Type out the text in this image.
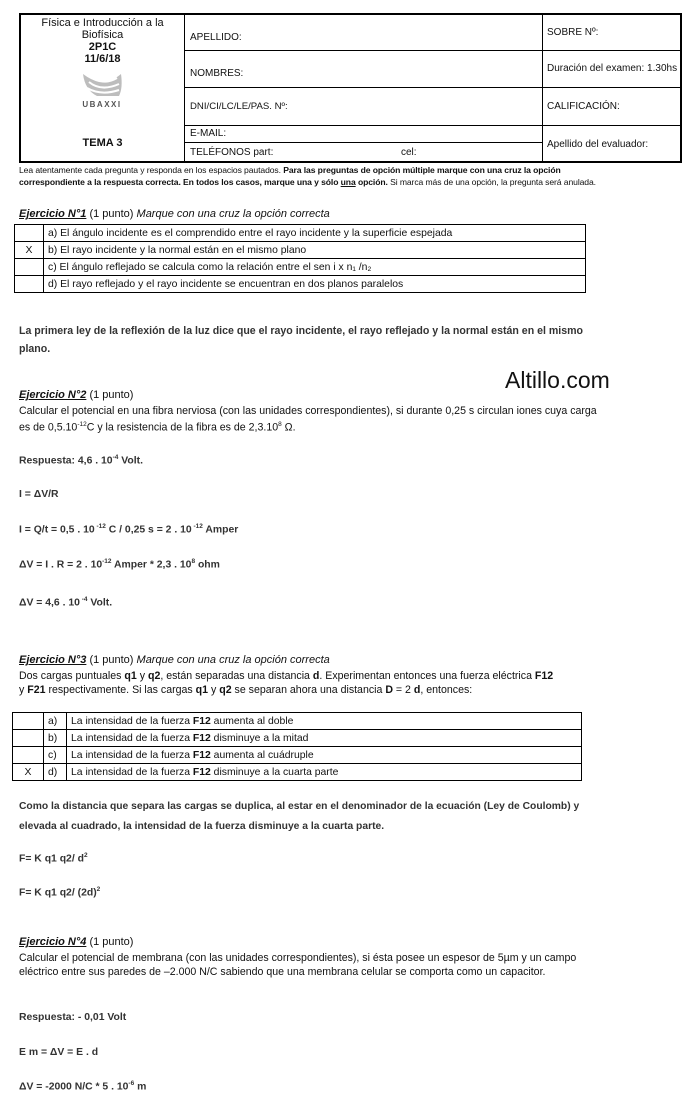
Física e Introducción a la
Biofísica
2P1C
11/6/18
UBAXXI
TEMA 3
APELLIDO:
NOMBRES:
DNI/CI/LC/LE/PAS. Nº:
E-MAIL:
TELÉFONOS part:	cel:
SOBRE Nº:
Duración del examen: 1.30hs
CALIFICACIÓN:
Apellido del evaluador:
Lea atentamente cada pregunta y responda en los espacios pautados. Para las preguntas de opción múltiple marque con una cruz la opción
correspondiente a la respuesta correcta. En todos los casos, marque una y sólo una opción. Si marca más de una opción, la pregunta será anulada.
Altillo.com
Ejercicio N°1 (1 punto) Marque con una cruz la opción correcta
	a) El ángulo incidente es el comprendido entre el rayo incidente y la superficie espejada
X	b) El rayo incidente y la normal están en el mismo plano
	c) El ángulo reflejado se calcula como la relación entre el sen i x n₁ /n₂
	d) El rayo reflejado y el rayo incidente se encuentran en dos planos paralelos
La primera ley de la reflexión de la luz dice que el rayo incidente, el rayo reflejado y la normal están en el mismo
plano.
Ejercicio N°2 (1 punto)
Calcular el potencial en una fibra nerviosa (con las unidades correspondientes), si durante 0,25 s circulan iones cuya carga
es de $0,5.10^{-12}C$ y la resistencia de la fibra es de 2,3.10$^8$ Ω.
Respuesta: 4,6 . $10^{-4}$ Volt.
I = ΔV/R
I = Q/t = 0,5 . 10 $^{-12}$ C / 0,25 s = 2 . 10 $^{-12}$ Amper
ΔV = I . R = 2 . $10^{-12}$ Amper * 2,3 . $10^8$ ohm
ΔV = 4,6 . 10 $^{-4}$ Volt.
Ejercicio N°3 (1 punto) Marque con una cruz la opción correcta
Dos cargas puntuales q1 y q2, están separadas una distancia d. Experimentan entonces una fuerza eléctrica F12
y F21 respectivamente. Si las cargas q1 y q2 se separan ahora una distancia D = 2 d, entonces:
	a)	La intensidad de la fuerza F12 aumenta al doble
	b)	La intensidad de la fuerza F12 disminuye a la mitad
	c)	La intensidad de la fuerza F12 aumenta al cuádruple
X	d)	La intensidad de la fuerza F12 disminuye a la cuarta parte
Como la distancia que separa las cargas se duplica, al estar en el denominador de la ecuación (Ley de Coulomb) y
elevada al cuadrado, la intensidad de la fuerza disminuye a la cuarta parte.
F= K q1 q2/ $d^2$
F= K q1 q2/ $(2d)^2$
Ejercicio N°4 (1 punto)
Calcular el potencial de membrana (con las unidades correspondientes), si ésta posee un espesor de 5µm y un campo
eléctrico entre sus paredes de –2.000 N/C sabiendo que una membrana celular se comporta como un capacitor.
Respuesta: - 0,01 Volt
E m = ΔV = E . d
ΔV = -2000 N/C * 5 . $10^{-6}$ m
